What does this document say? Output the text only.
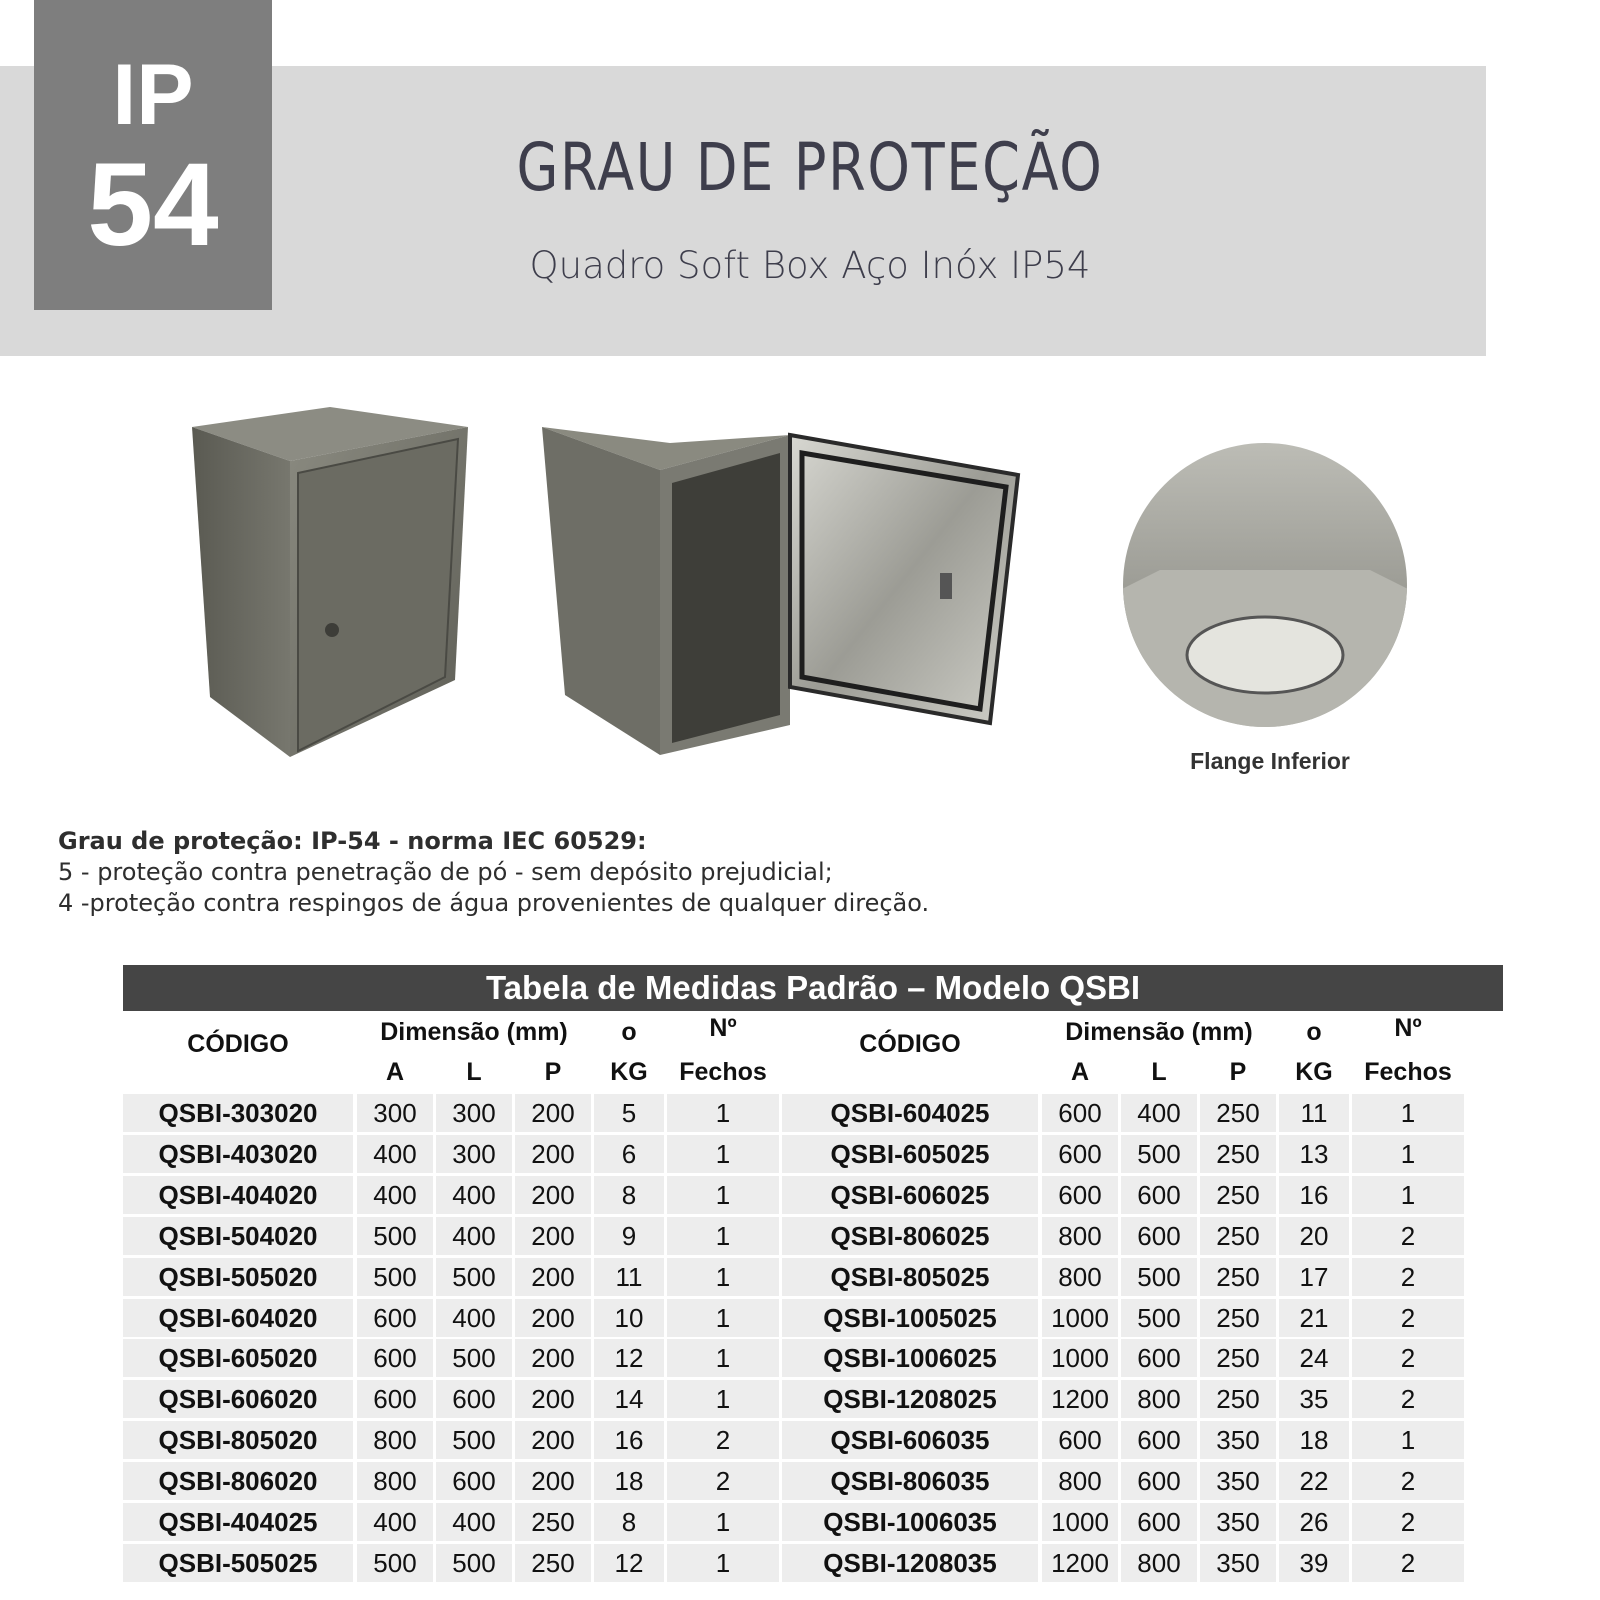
IP
54	GRAU DE PROTEÇÃO
Quadro Soft Box Aço Inóx IP54
Flange Inferior
Grau de proteção: IP-54 - norma IEC 60529:
5 - proteção contra penetração de pó - sem depósito prejudicial;
4 -proteção contra respingos de água provenientes de qualquer direção.
Tabela de Medidas Padrão – Modelo QSBI
CÓDIGO	Dimensão (mm)	o	Nº
A	L	P	KG	Fechos
QSBI-303020	300	300	200	5	1
QSBI-403020	400	300	200	6	1
QSBI-404020	400	400	200	8	1
QSBI-504020	500	400	200	9	1
QSBI-505020	500	500	200	11	1
QSBI-604020	600	400	200	10	1
QSBI-605020	600	500	200	12	1
QSBI-606020	600	600	200	14	1
QSBI-805020	800	500	200	16	2
QSBI-806020	800	600	200	18	2
QSBI-404025	400	400	250	8	1
QSBI-505025	500	500	250	12	1
CÓDIGO	Dimensão (mm)	o	Nº
A	L	P	KG	Fechos
QSBI-604025	600	400	250	11	1
QSBI-605025	600	500	250	13	1
QSBI-606025	600	600	250	16	1
QSBI-806025	800	600	250	20	2
QSBI-805025	800	500	250	17	2
QSBI-1005025	1000	500	250	21	2
QSBI-1006025	1000	600	250	24	2
QSBI-1208025	1200	800	250	35	2
QSBI-606035	600	600	350	18	1
QSBI-806035	800	600	350	22	2
QSBI-1006035	1000	600	350	26	2
QSBI-1208035	1200	800	350	39	2
